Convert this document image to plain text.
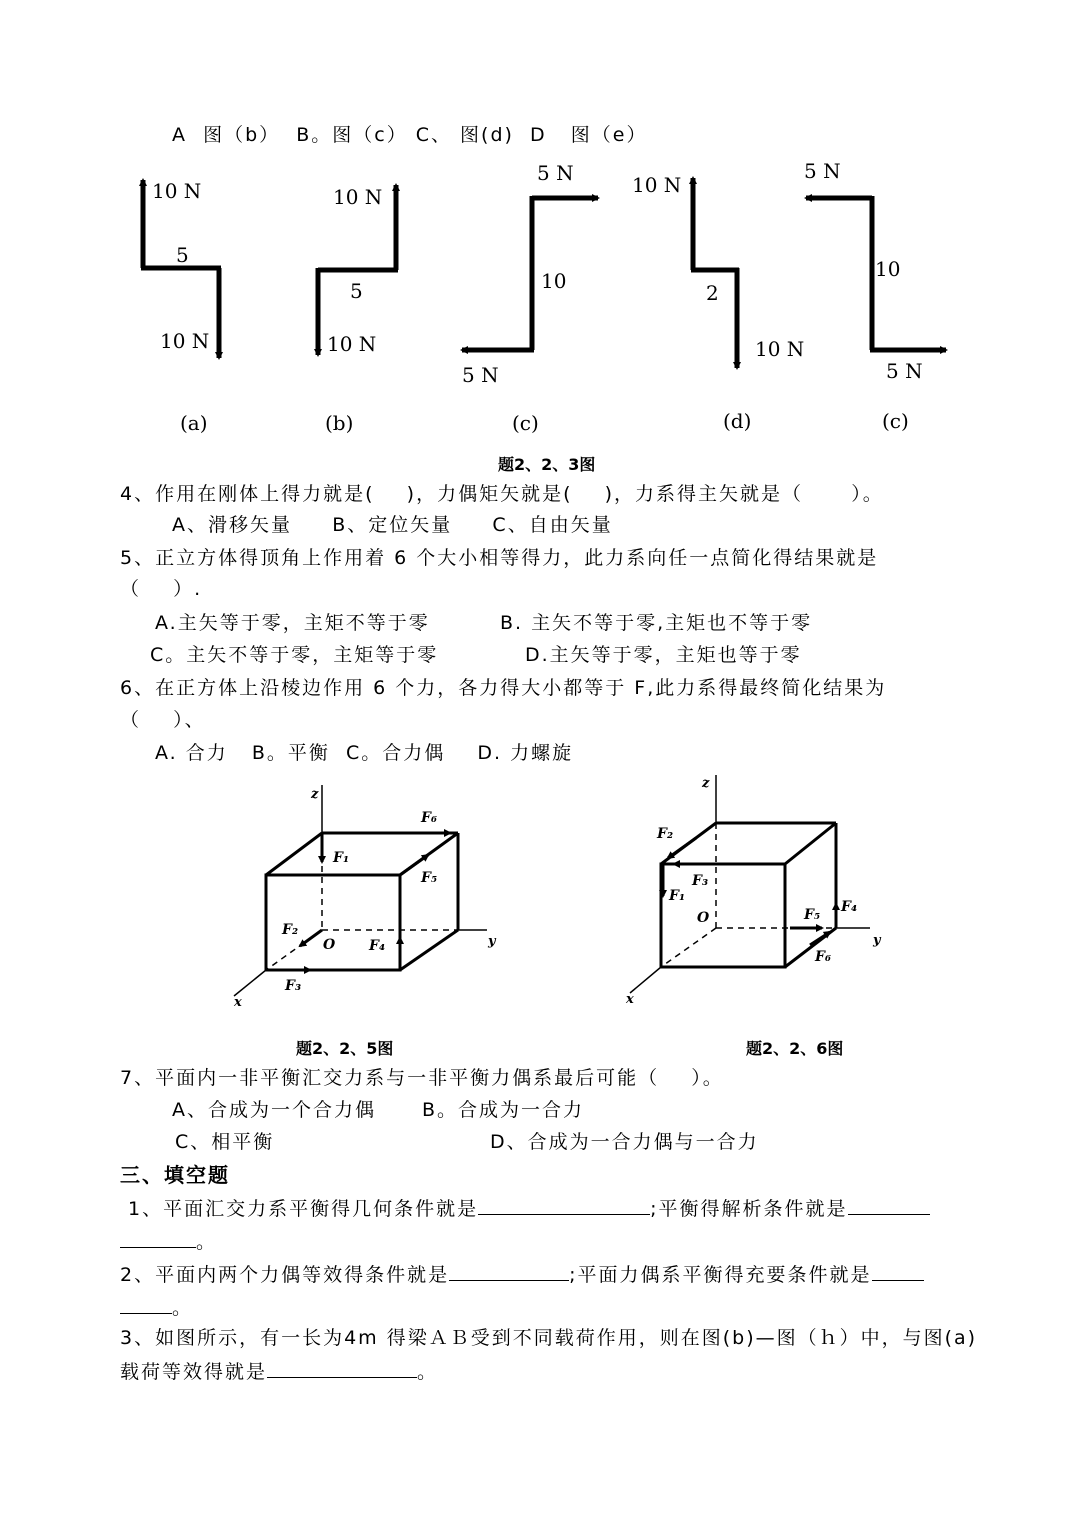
A  图（b）  B。图（c） C、 图(d)  D   图（e）
10 N
5
10 N
(a)
10 N
5
10 N
(b)
5 N
10
5 N
(c)
10 N
2
10 N
(d)
5 N
10
5 N
(c)
题2、2、3图
4、作用在刚体上得力就是(    )，力偶矩矢就是(    )，力系得主矢就是（      ）。
A、滑移矢量     B、定位矢量     C、自由矢量
5、正立方体得顶角上作用着 6 个大小相等得力，此力系向任一点简化得结果就是
（    ）.
A.主矢等于零，主矩不等于零	B. 主矢不等于零,主矩也不等于零
C。主矢不等于零，主矩等于零	D.主矢等于零，主矩也等于零
6、在正方体上沿棱边作用 6 个力，各力得大小都等于 F,此力系得最终简化结果为
（    ）、
A. 合力   B。平衡  C。合力偶    D. 力螺旋
z
y
x
O
F₁
F₂
F₃
F₄
F₅
F₆
z
y
x
O
F₁
F₂
F₃
F₄
F₅
F₆
题2、2、5图	题2、2、6图
7、平面内一非平衡汇交力系与一非平衡力偶系最后可能（    ）。
A、合成为一个合力偶 B。合成为一合力
C、相平衡	D、合成为一合力偶与一合力
三、填空题
1、平面汇交力系平衡得几何条件就是	;平衡得解析条件就是
。
2、平面内两个力偶等效得条件就是	;平面力偶系平衡得充要条件就是
。
3、如图所示，有一长为4m 得梁ＡＢ受到不同载荷作用，则在图(b)—图（ｈ）中，与图(a)
载荷等效得就是	。
